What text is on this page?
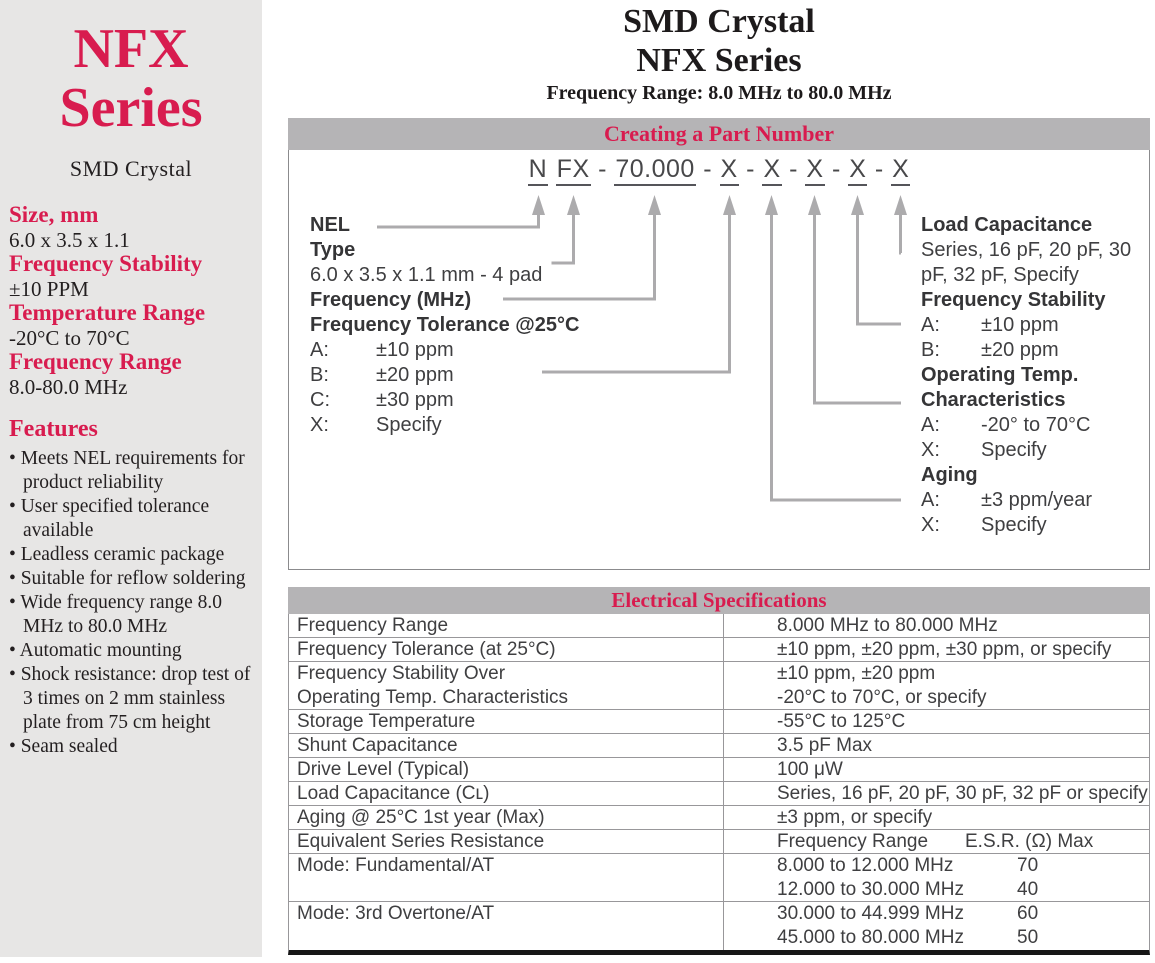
NFX
Series
SMD Crystal
Size, mm
6.0 x 3.5 x 1.1
Frequency Stability
±10 PPM
Temperature Range
-20°C to 70°C
Frequency Range
8.0-80.0 MHz
Features
• Meets NEL requirements for product reliability
• User specified tolerance available
• Leadless ceramic package
• Suitable for reflow soldering
• Wide frequency range 8.0 MHz to 80.0 MHz
• Automatic mounting
• Shock resistance: drop test of 3 times on 2 mm stainless plate from 75 cm height
• Seam sealed
SMD Crystal
NFX Series
Frequency Range: 8.0 MHz to 80.0 MHz
Creating a Part Number
N FX - 70.000 - X - X - X - X - X
NEL
Type
6.0 x 3.5 x 1.1 mm - 4 pad
Frequency (MHz)
Frequency Tolerance @25°C
A: ±10 ppm
B: ±20 ppm
C: ±30 ppm
X: Specify
Load Capacitance
Series, 16 pF, 20 pF, 30
pF, 32 pF, Specify
Frequency Stability
A: ±10 ppm
B: ±20 ppm
Operating Temp.
Characteristics
A: -20° to 70°C
X: Specify
Aging
A: ±3 ppm/year
X: Specify
Electrical Specifications
Frequency Range	8.000 MHz to 80.000 MHz
Frequency Tolerance (at 25°C)	±10 ppm, ±20 ppm, ±30 ppm, or specify
Frequency Stability Over	±10 ppm, ±20 ppm
Operating Temp. Characteristics	-20°C to 70°C, or specify
Storage Temperature	-55°C to 125°C
Shunt Capacitance	3.5 pF Max
Drive Level (Typical)	100 μW
Load Capacitance (Cʟ)	Series, 16 pF, 20 pF, 30 pF, 32 pF or specify
Aging @ 25°C 1st year (Max)	±3 ppm, or specify
Equivalent Series Resistance	Frequency Range E.S.R. (Ω) Max
Mode: Fundamental/AT	8.000 to 12.000 MHz	70
12.000 to 30.000 MHz	40
Mode: 3rd Overtone/AT	30.000 to 44.999 MHz	60
45.000 to 80.000 MHz	50
